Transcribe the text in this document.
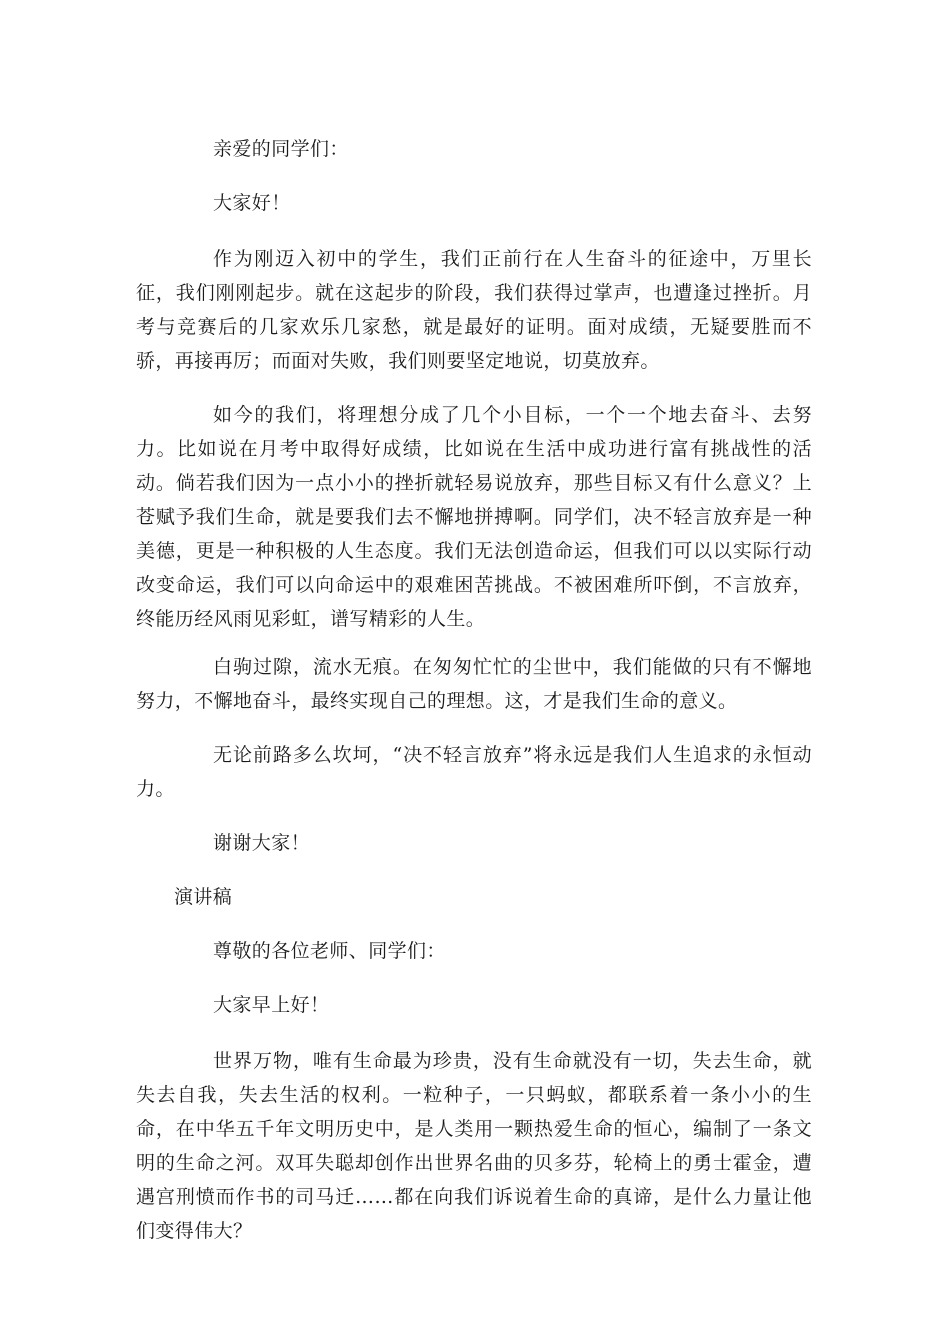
亲爱的同学们：

大家好！

作为刚迈入初中的学生，我们正前行在人生奋斗的征途中，万里长征，我们刚刚起步。就在这起步的阶段，我们获得过掌声，也遭逢过挫折。月考与竞赛后的几家欢乐几家愁，就是最好的证明。面对成绩，无疑要胜而不骄，再接再厉；而面对失败，我们则要坚定地说，切莫放弃。

如今的我们，将理想分成了几个小目标，一个一个地去奋斗、去努力。比如说在月考中取得好成绩，比如说在生活中成功进行富有挑战性的活动。倘若我们因为一点小小的挫折就轻易说放弃，那些目标又有什么意义？上苍赋予我们生命，就是要我们去不懈地拼搏啊。同学们，决不轻言放弃是一种美德，更是一种积极的人生态度。我们无法创造命运，但我们可以以实际行动改变命运，我们可以向命运中的艰难困苦挑战。不被困难所吓倒，不言放弃，终能历经风雨见彩虹，谱写精彩的人生。

白驹过隙，流水无痕。在匆匆忙忙的尘世中，我们能做的只有不懈地努力，不懈地奋斗，最终实现自己的理想。这，才是我们生命的意义。

无论前路多么坎坷，“决不轻言放弃”将永远是我们人生追求的永恒动力。

谢谢大家！

演讲稿

尊敬的各位老师、同学们：

大家早上好！

世界万物，唯有生命最为珍贵，没有生命就没有一切，失去生命，就失去自我，失去生活的权利。一粒种子，一只蚂蚁，都联系着一条小小的生命，在中华五千年文明历史中，是人类用一颗热爱生命的恒心，编制了一条文明的生命之河。双耳失聪却创作出世界名曲的贝多芬，轮椅上的勇士霍金，遭遇宫刑愤而作书的司马迁……都在向我们诉说着生命的真谛，是什么力量让他们变得伟大？
